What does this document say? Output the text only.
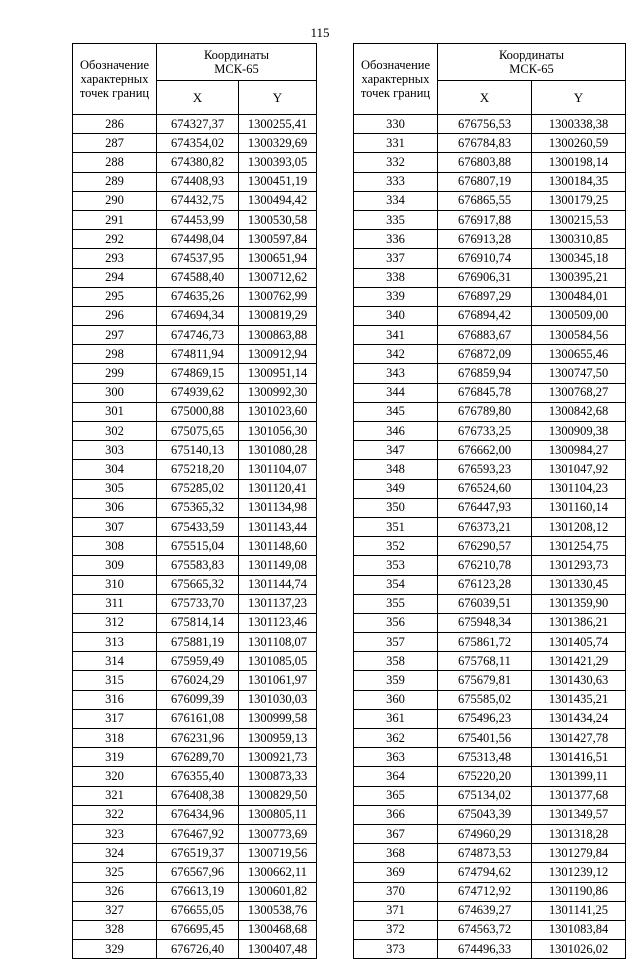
115
Обозначение характерных точек границ	Координаты
МСК-65	
	X	Y
286	674327,37	1300255,41
287	674354,02	1300329,69
288	674380,82	1300393,05
289	674408,93	1300451,19
290	674432,75	1300494,42
291	674453,99	1300530,58
292	674498,04	1300597,84
293	674537,95	1300651,94
294	674588,40	1300712,62
295	674635,26	1300762,99
296	674694,34	1300819,29
297	674746,73	1300863,88
298	674811,94	1300912,94
299	674869,15	1300951,14
300	674939,62	1300992,30
301	675000,88	1301023,60
302	675075,65	1301056,30
303	675140,13	1301080,28
304	675218,20	1301104,07
305	675285,02	1301120,41
306	675365,32	1301134,98
307	675433,59	1301143,44
308	675515,04	1301148,60
309	675583,83	1301149,08
310	675665,32	1301144,74
311	675733,70	1301137,23
312	675814,14	1301123,46
313	675881,19	1301108,07
314	675959,49	1301085,05
315	676024,29	1301061,97
316	676099,39	1301030,03
317	676161,08	1300999,58
318	676231,96	1300959,13
319	676289,70	1300921,73
320	676355,40	1300873,33
321	676408,38	1300829,50
322	676434,96	1300805,11
323	676467,92	1300773,69
324	676519,37	1300719,56
325	676567,96	1300662,11
326	676613,19	1300601,82
327	676655,05	1300538,76
328	676695,45	1300468,68
329	676726,40	1300407,48
Обозначение характерных точек границ	Координаты
МСК-65	
	X	Y
330	676756,53	1300338,38
331	676784,83	1300260,59
332	676803,88	1300198,14
333	676807,19	1300184,35
334	676865,55	1300179,25
335	676917,88	1300215,53
336	676913,28	1300310,85
337	676910,74	1300345,18
338	676906,31	1300395,21
339	676897,29	1300484,01
340	676894,42	1300509,00
341	676883,67	1300584,56
342	676872,09	1300655,46
343	676859,94	1300747,50
344	676845,78	1300768,27
345	676789,80	1300842,68
346	676733,25	1300909,38
347	676662,00	1300984,27
348	676593,23	1301047,92
349	676524,60	1301104,23
350	676447,93	1301160,14
351	676373,21	1301208,12
352	676290,57	1301254,75
353	676210,78	1301293,73
354	676123,28	1301330,45
355	676039,51	1301359,90
356	675948,34	1301386,21
357	675861,72	1301405,74
358	675768,11	1301421,29
359	675679,81	1301430,63
360	675585,02	1301435,21
361	675496,23	1301434,24
362	675401,56	1301427,78
363	675313,48	1301416,51
364	675220,20	1301399,11
365	675134,02	1301377,68
366	675043,39	1301349,57
367	674960,29	1301318,28
368	674873,53	1301279,84
369	674794,62	1301239,12
370	674712,92	1301190,86
371	674639,27	1301141,25
372	674563,72	1301083,84
373	674496,33	1301026,02
